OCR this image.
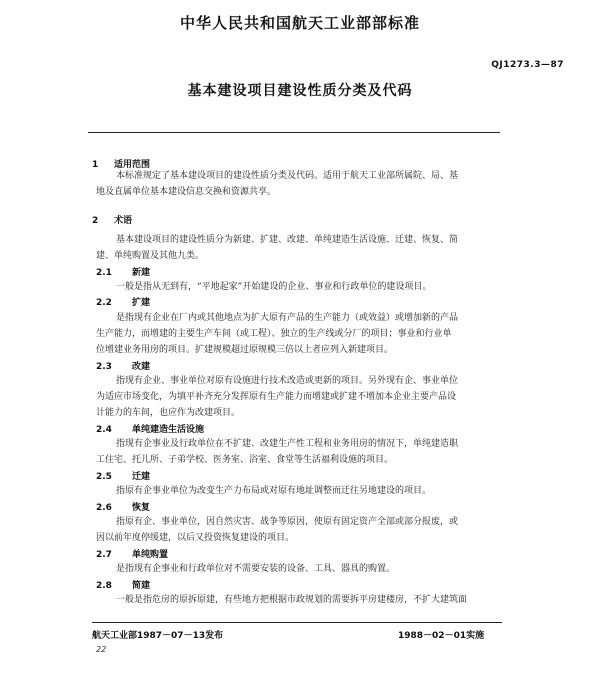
中华人民共和国航天工业部部标准
QJ1273.3—87
基本建设项目建设性质分类及代码
1 适用范围
本标准规定了基本建设项目的建设性质分类及代码。适用于航天工业部所属院、局、基
地及直属单位基本建设信息交换和资源共享。
2 术语
基本建设项目的建设性质分为新建、扩建、改建、单纯建造生活设施、迁建、恢复、简
建、单纯购置及其他九类。
2.1 新建
一般是指从无到有，“平地起家”开始建设的企业、事业和行政单位的建设项目。
2.2 扩建
是指现有企业在厂内或其他地点为扩大原有产品的生产能力（或效益）或增加新的产品
生产能力，而增建的主要生产车间（或工程）、独立的生产线或分厂的项目；事业和行业单
位增建业务用房的项目。扩建规模超过原规模三倍以上者应列入新建项目。
2.3 改建
指现有企业、事业单位对原有设施进行技术改造或更新的项目。另外现有企、事业单位
为适应市场变化，为填平补齐充分发挥原有生产能力而增建或扩建不增加本企业主要产品设
计能力的车间，也应作为改建项目。
2.4 单纯建造生活设施
指现有企事业及行政单位在不扩建、改建生产性工程和业务用房的情况下，单纯建造职
工住宅、托儿所、子弟学校、医务室、浴室、食堂等生活福利设施的项目。
2.5 迁建
指原有企事业单位为改变生产力布局或对原有地址调整而迁往另地建设的项目。
2.6 恢复
指原有企、事业单位，因自然灾害、战争等原因，使原有固定资产全部或部分报废，或
因以前年度停缓建，以后又投资恢复建设的项目。
2.7 单纯购置
是指现有企事业和行政单位对不需要安装的设备、工具、器具的购置。
2.8 简建
一般是指危房的原拆原建，有些地方把根据市政规划的需要拆平房建楼房，不扩大建筑面
航天工业部1987－07－13发布	1988－02－01实施
22
